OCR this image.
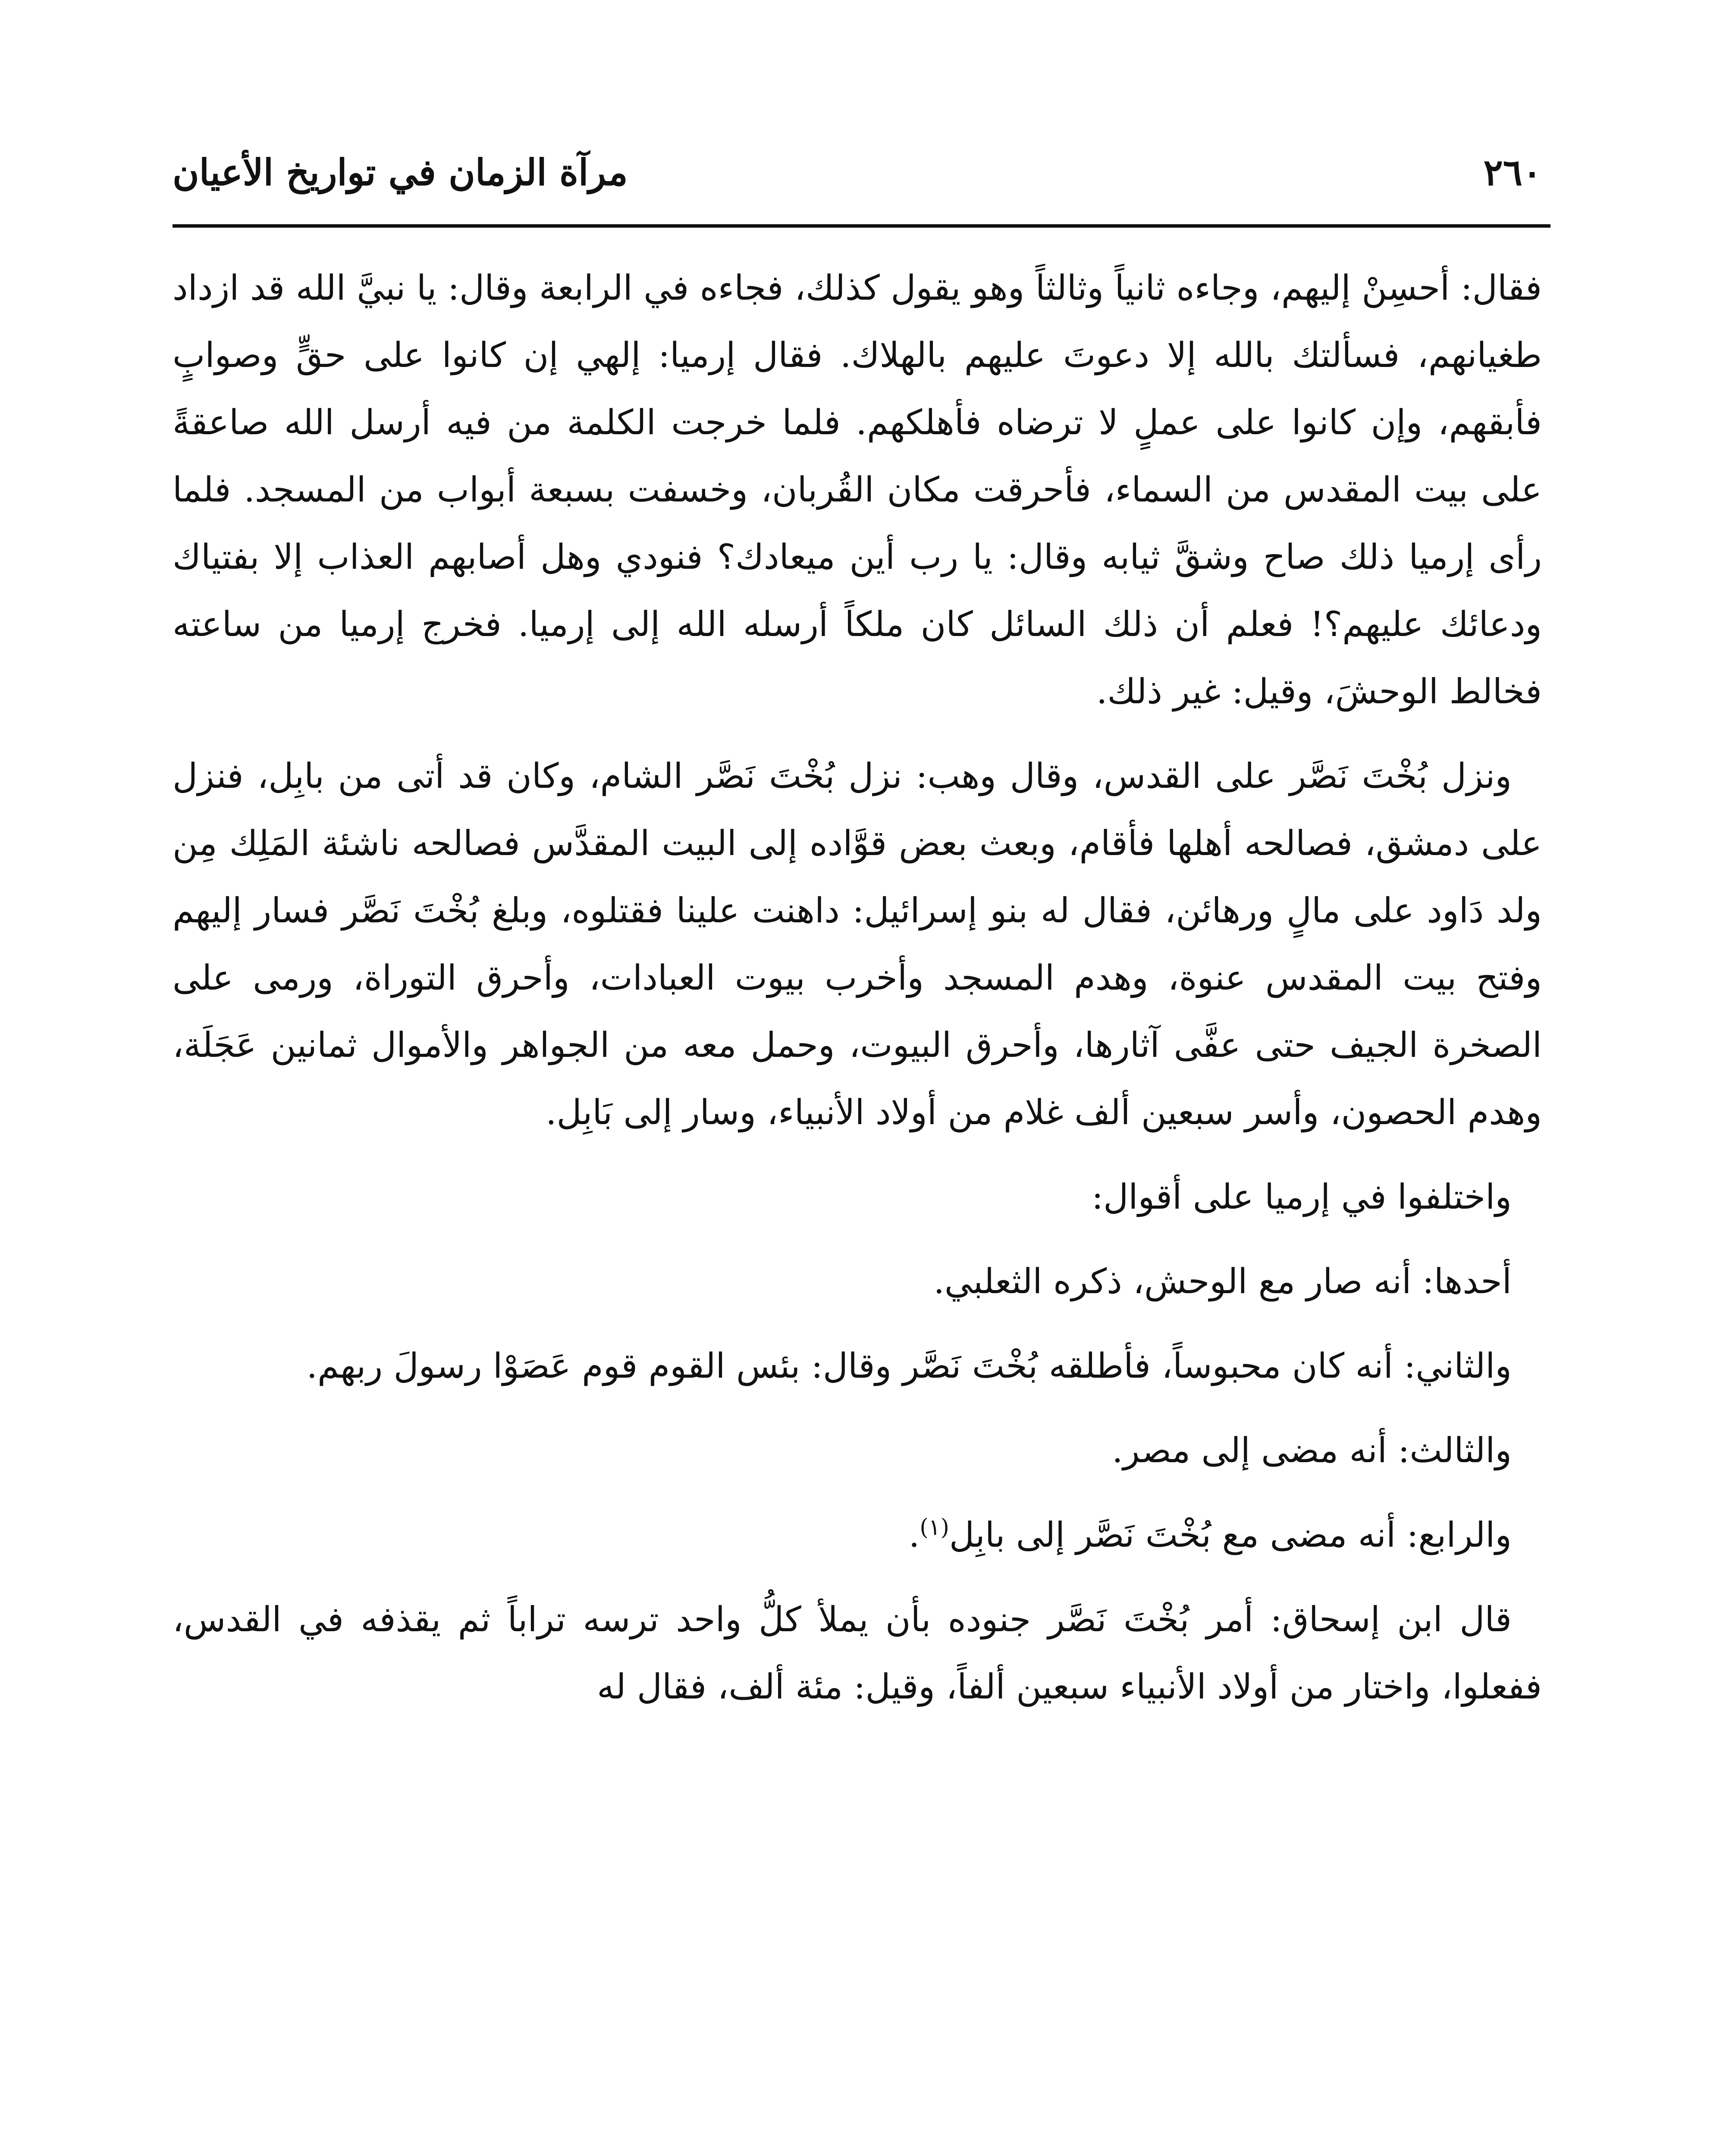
٢٦٠
مرآة الزمان في تواريخ الأعيان

فقال: أحسِنْ إليهم، وجاءه ثانياً وثالثاً وهو يقول كذلك، فجاءه في الرابعة وقال: يا نبيَّ الله قد ازداد طغيانهم، فسألتك بالله إلا دعوتَ عليهم بالهلاك. فقال إرميا: إلهي إن كانوا على حقٍّ وصوابٍ فأبقهم، وإن كانوا على عملٍ لا ترضاه فأهلكهم. فلما خرجت الكلمة من فيه أرسل الله صاعقةً على بيت المقدس من السماء، فأحرقت مكان القُربان، وخسفت بسبعة أبواب من المسجد. فلما رأى إرميا ذلك صاح وشقَّ ثيابه وقال: يا رب أين ميعادك؟ فنودي وهل أصابهم العذاب إلا بفتياك ودعائك عليهم؟! فعلم أن ذلك السائل كان ملكاً أرسله الله إلى إرميا. فخرج إرميا من ساعته فخالط الوحشَ، وقيل: غير ذلك.

ونزل بُخْتَ نَصَّر على القدس، وقال وهب: نزل بُخْتَ نَصَّر الشام، وكان قد أتى من بابِل، فنزل على دمشق، فصالحه أهلها فأقام، وبعث بعض قوَّاده إلى البيت المقدَّس فصالحه ناشئة المَلِك مِن ولد دَاود على مالٍ ورهائن، فقال له بنو إسرائيل: داهنت علينا فقتلوه، وبلغ بُخْتَ نَصَّر فسار إليهم وفتح بيت المقدس عنوة، وهدم المسجد وأخرب بيوت العبادات، وأحرق التوراة، ورمى على الصخرة الجيف حتى عفَّى آثارها، وأحرق البيوت، وحمل معه من الجواهر والأموال ثمانين عَجَلَة، وهدم الحصون، وأسر سبعين ألف غلام من أولاد الأنبياء، وسار إلى بَابِل.

واختلفوا في إرميا على أقوال:

أحدها: أنه صار مع الوحش، ذكره الثعلبي.

والثاني: أنه كان محبوساً، فأطلقه بُخْتَ نَصَّر وقال: بئس القوم قوم عَصَوْا رسولَ ربهم.

والثالث: أنه مضى إلى مصر.

والرابع: أنه مضى مع بُخْتَ نَصَّر إلى بابِل$^{(١)}$.

قال ابن إسحاق: أمر بُخْتَ نَصَّر جنوده بأن يملأ كلُّ واحد ترسه تراباً ثم يقذفه في القدس، ففعلوا، واختار من أولاد الأنبياء سبعين ألفاً، وقيل: مئة ألف، فقال له
